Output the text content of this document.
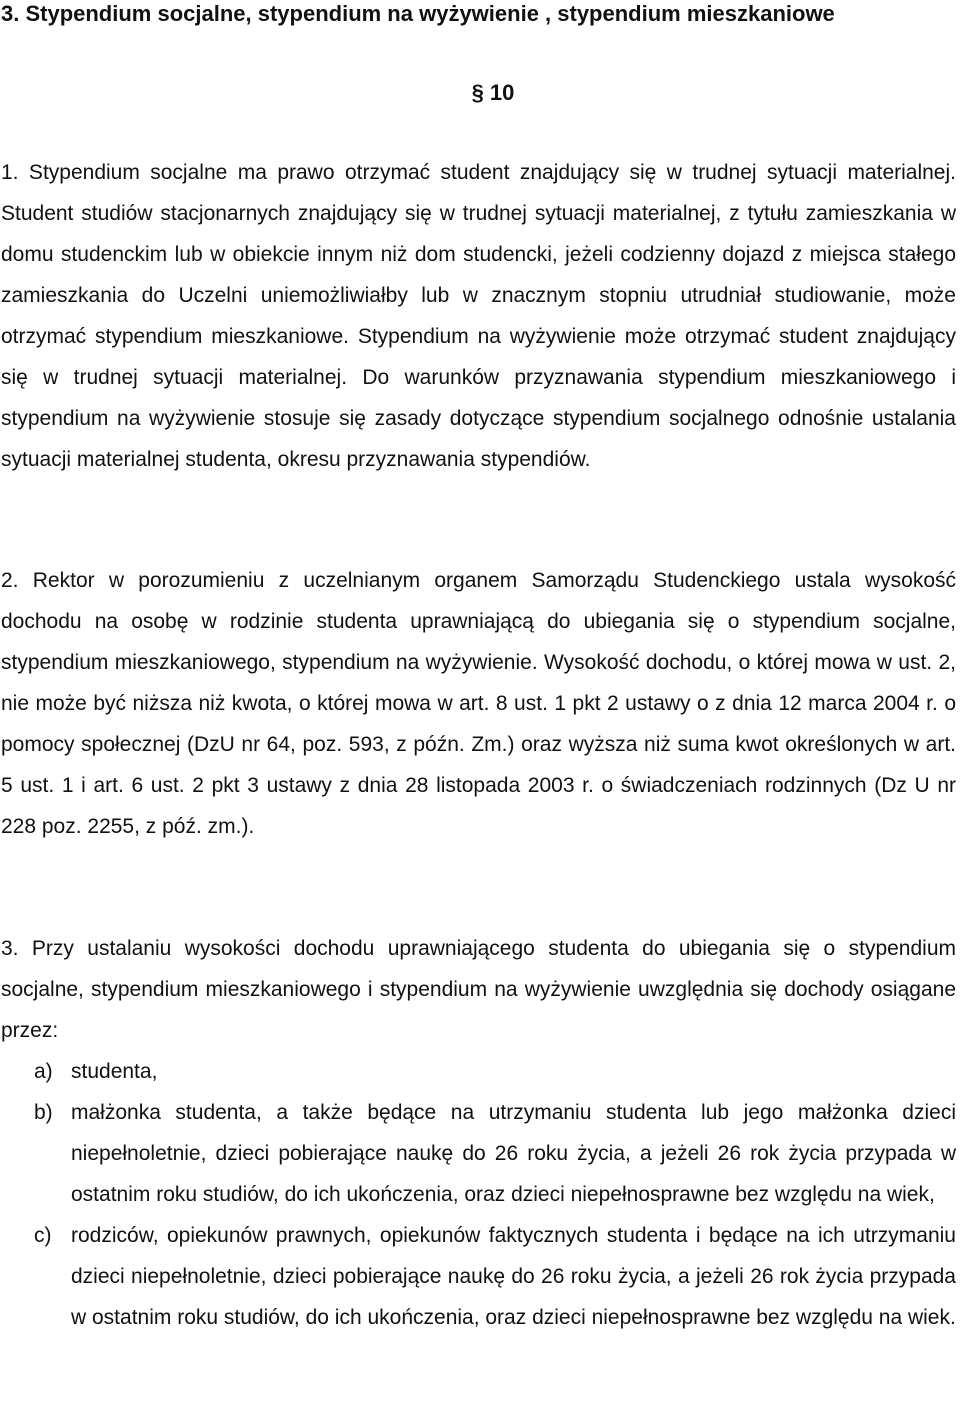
3. Stypendium socjalne, stypendium na wyżywienie , stypendium mieszkaniowe
§ 10

1. Stypendium socjalne ma prawo otrzymać student znajdujący się w trudnej sytuacji materialnej. Student studiów stacjonarnych znajdujący się w trudnej sytuacji materialnej, z tytułu zamieszkania w domu studenckim lub w obiekcie innym niż dom studencki, jeżeli codzienny dojazd z miejsca stałego zamieszkania do Uczelni uniemożliwiałby lub w znacznym stopniu utrudniał studiowanie, może otrzymać stypendium mieszkaniowe. Stypendium na wyżywienie może otrzymać student znajdujący się w trudnej sytuacji materialnej. Do warunków przyznawania stypendium mieszkaniowego i stypendium na wyżywienie stosuje się zasady dotyczące stypendium socjalnego odnośnie ustalania sytuacji materialnej studenta, okresu przyznawania stypendiów.

2. Rektor w porozumieniu z uczelnianym organem Samorządu Studenckiego ustala wysokość dochodu na osobę w rodzinie studenta uprawniającą do ubiegania się o stypendium socjalne, stypendium mieszkaniowego, stypendium na wyżywienie. Wysokość dochodu, o której mowa w ust. 2, nie może być niższa niż kwota, o której mowa w art. 8 ust. 1 pkt 2 ustawy o z dnia 12 marca 2004 r. o pomocy społecznej (DzU nr 64, poz. 593, z późn. Zm.) oraz wyższa niż suma kwot określonych w art. 5 ust. 1 i art. 6 ust. 2 pkt 3 ustawy z dnia 28 listopada 2003 r. o świadczeniach rodzinnych (Dz U nr 228 poz. 2255, z póź. zm.).

3. Przy ustalaniu wysokości dochodu uprawniającego studenta do ubiegania się o stypendium socjalne, stypendium mieszkaniowego i stypendium na wyżywienie uwzględnia się dochody osiągane przez:

a) studenta,
b) małżonka studenta, a także będące na utrzymaniu studenta lub jego małżonka dzieci niepełnoletnie, dzieci pobierające naukę do 26 roku życia, a jeżeli 26 rok życia przypada w ostatnim roku studiów, do ich ukończenia, oraz dzieci niepełnosprawne bez względu na wiek,
c) rodziców, opiekunów prawnych, opiekunów faktycznych studenta i będące na ich utrzymaniu dzieci niepełnoletnie, dzieci pobierające naukę do 26 roku życia, a jeżeli 26 rok życia przypada w ostatnim roku studiów, do ich ukończenia, oraz dzieci niepełnosprawne bez względu na wiek.
